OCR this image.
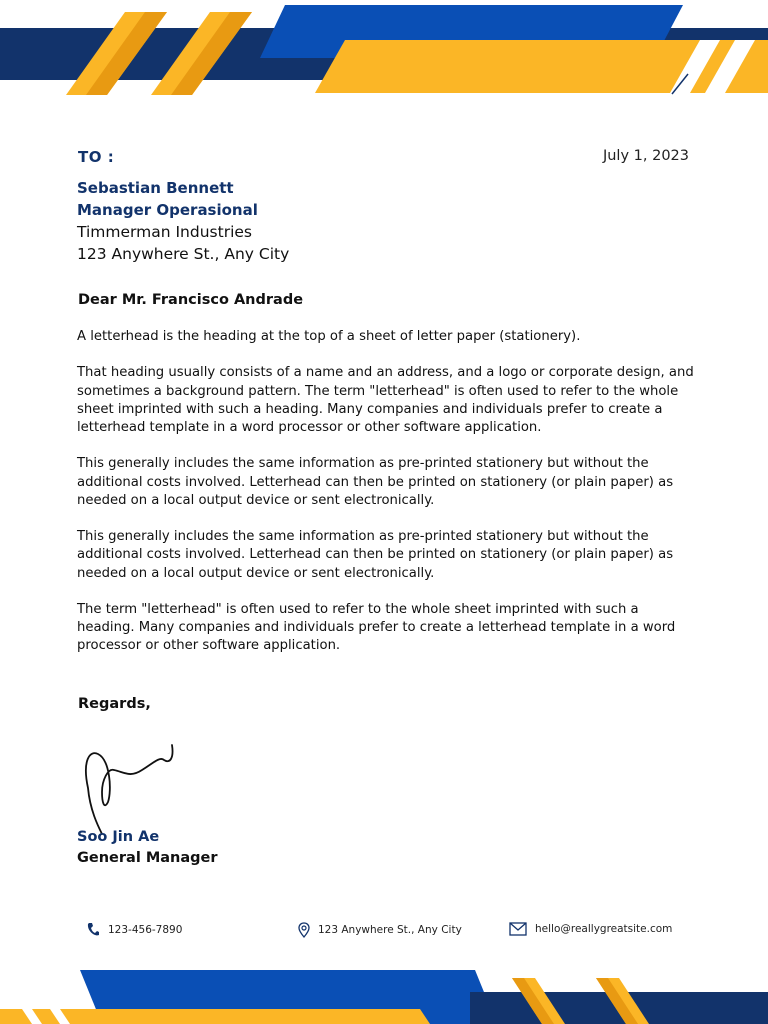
TO :	July 1, 2023
Sebastian Bennett
Manager Operasional
Timmerman Industries
123 Anywhere St., Any City
Dear Mr. Francisco Andrade

A letterhead is the heading at the top of a sheet of letter paper (stationery).

That heading usually consists of a name and an address, and a logo or corporate design, and sometimes a background pattern. The term "letterhead" is often used to refer to the whole sheet imprinted with such a heading. Many companies and individuals prefer to create a letterhead template in a word processor or other software application.

This generally includes the same information as pre-printed stationery but without the additional costs involved. Letterhead can then be printed on stationery (or plain paper) as needed on a local output device or sent electronically.

This generally includes the same information as pre-printed stationery but without the additional costs involved. Letterhead can then be printed on stationery (or plain paper) as needed on a local output device or sent electronically.

The term "letterhead" is often used to refer to the whole sheet imprinted with such a heading. Many companies and individuals prefer to create a letterhead template in a word processor or other software application.

Regards,
Soo Jin Ae
General Manager
123-456-7890	123 Anywhere St., Any City	hello@reallygreatsite.com
